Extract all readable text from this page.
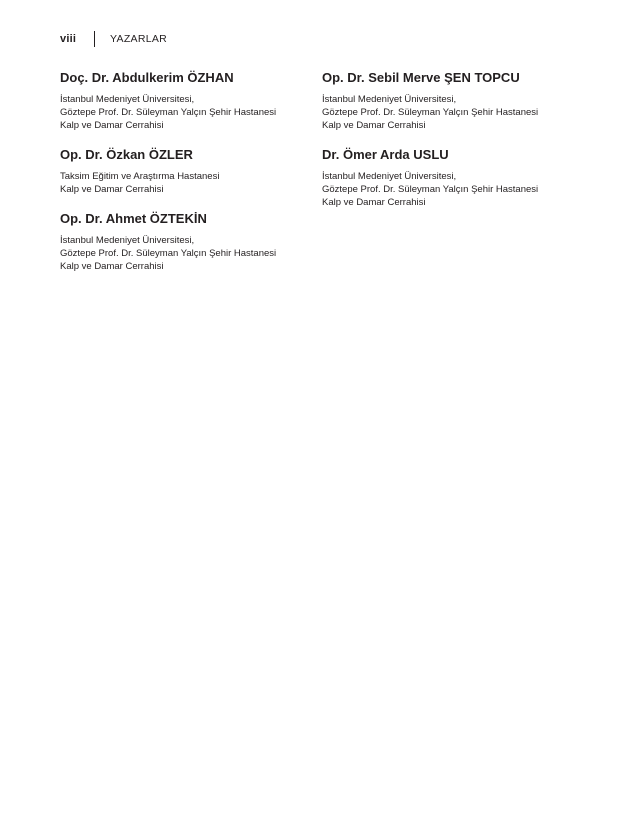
viii	YAZARLAR
Doç. Dr. Abdulkerim ÖZHAN
İstanbul Medeniyet Üniversitesi,
Göztepe Prof. Dr. Süleyman Yalçın Şehir Hastanesi
Kalp ve Damar Cerrahisi
Op. Dr. Özkan ÖZLER
Taksim Eğitim ve Araştırma Hastanesi
Kalp ve Damar Cerrahisi
Op. Dr. Ahmet ÖZTEKİN
İstanbul Medeniyet Üniversitesi,
Göztepe Prof. Dr. Süleyman Yalçın Şehir Hastanesi
Kalp ve Damar Cerrahisi
Op. Dr. Sebil Merve ŞEN TOPCU
İstanbul Medeniyet Üniversitesi,
Göztepe Prof. Dr. Süleyman Yalçın Şehir Hastanesi
Kalp ve Damar Cerrahisi
Dr. Ömer Arda USLU
İstanbul Medeniyet Üniversitesi,
Göztepe Prof. Dr. Süleyman Yalçın Şehir Hastanesi
Kalp ve Damar Cerrahisi
